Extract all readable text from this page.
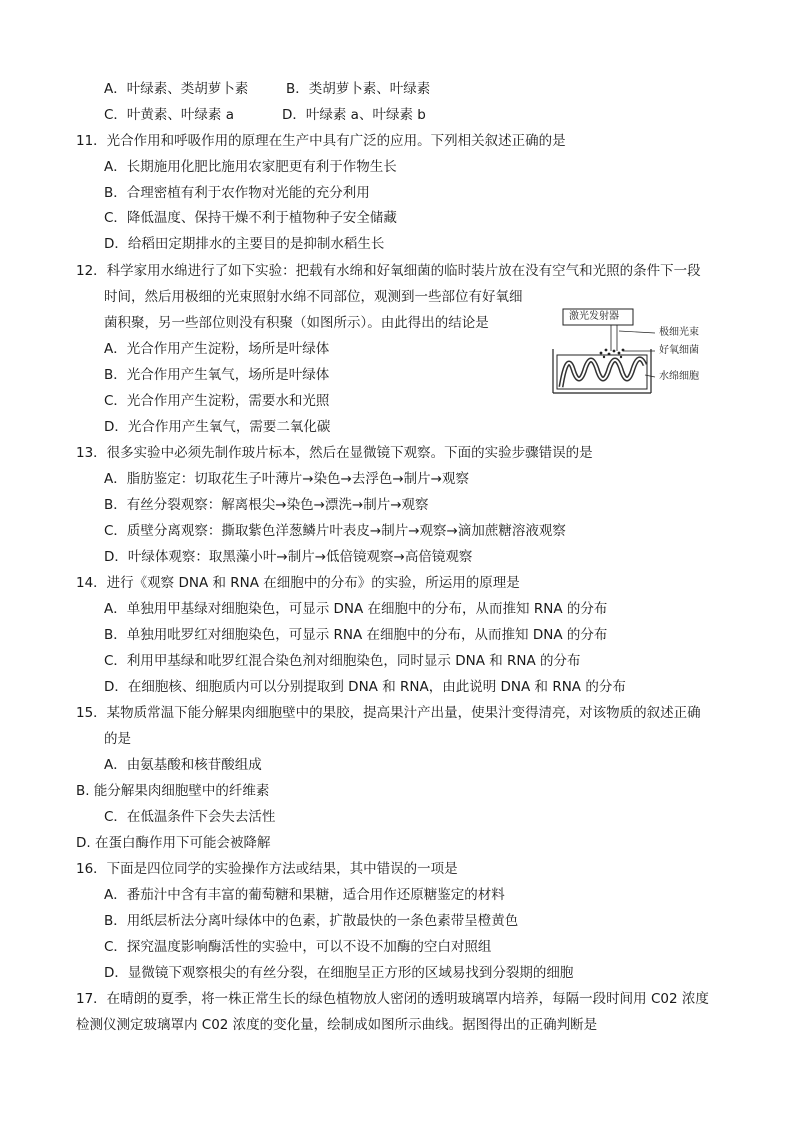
A．叶绿素、类胡萝卜素	B．类胡萝卜素、叶绿素
C．叶黄素、叶绿素 a	D．叶绿素 a、叶绿素 b
11．光合作用和呼吸作用的原理在生产中具有广泛的应用。下列相关叙述正确的是
A．长期施用化肥比施用农家肥更有利于作物生长
B．合理密植有利于农作物对光能的充分利用
C．降低温度、保持干燥不利于植物种子安全储藏
D．给稻田定期排水的主要目的是抑制水稻生长
12．科学家用水绵进行了如下实验：把载有水绵和好氧细菌的临时装片放在没有空气和光照的条件下一段
时间，然后用极细的光束照射水绵不同部位，观测到一些部位有好氧细
菌积聚，另一些部位则没有积聚（如图所示）。由此得出的结论是
A．光合作用产生淀粉，场所是叶绿体
B．光合作用产生氧气，场所是叶绿体
C．光合作用产生淀粉，需要水和光照
D．光合作用产生氧气，需要二氧化碳
激光发射器
极细光束
好氧细菌
水绵细胞
13．很多实验中必须先制作玻片标本，然后在显微镜下观察。下面的实验步骤错误的是
A．脂肪鉴定：切取花生子叶薄片→染色→去浮色→制片→观察
B．有丝分裂观察：解离根尖→染色→漂洗→制片→观察
C．质壁分离观察：撕取紫色洋葱鳞片叶表皮→制片→观察→滴加蔗糖溶液观察
D．叶绿体观察：取黑藻小叶→制片→低倍镜观察→高倍镜观察
14．进行《观察 DNA 和 RNA 在细胞中的分布》的实验，所运用的原理是
A．单独用甲基绿对细胞染色，可显示 DNA 在细胞中的分布，从而推知 RNA 的分布
B．单独用吡罗红对细胞染色，可显示 RNA 在细胞中的分布，从而推知 DNA 的分布
C．利用甲基绿和吡罗红混合染色剂对细胞染色，同时显示 DNA 和 RNA 的分布
D．在细胞核、细胞质内可以分别提取到 DNA 和 RNA，由此说明 DNA 和 RNA 的分布
15．某物质常温下能分解果肉细胞壁中的果胶，提高果汁产出量，使果汁变得清亮，对该物质的叙述正确
的是
A．由氨基酸和核苷酸组成
B. 能分解果肉细胞壁中的纤维素
C．在低温条件下会失去活性
D. 在蛋白酶作用下可能会被降解
16．下面是四位同学的实验操作方法或结果，其中错误的一项是
A．番茄汁中含有丰富的葡萄糖和果糖，适合用作还原糖鉴定的材料
B．用纸层析法分离叶绿体中的色素，扩散最快的一条色素带呈橙黄色
C．探究温度影响酶活性的实验中，可以不设不加酶的空白对照组
D．显微镜下观察根尖的有丝分裂，在细胞呈正方形的区域易找到分裂期的细胞
17．在晴朗的夏季，将一株正常生长的绿色植物放人密闭的透明玻璃罩内培养，每隔一段时间用 C02 浓度
检测仪测定玻璃罩内 C02 浓度的变化量，绘制成如图所示曲线。据图得出的正确判断是
